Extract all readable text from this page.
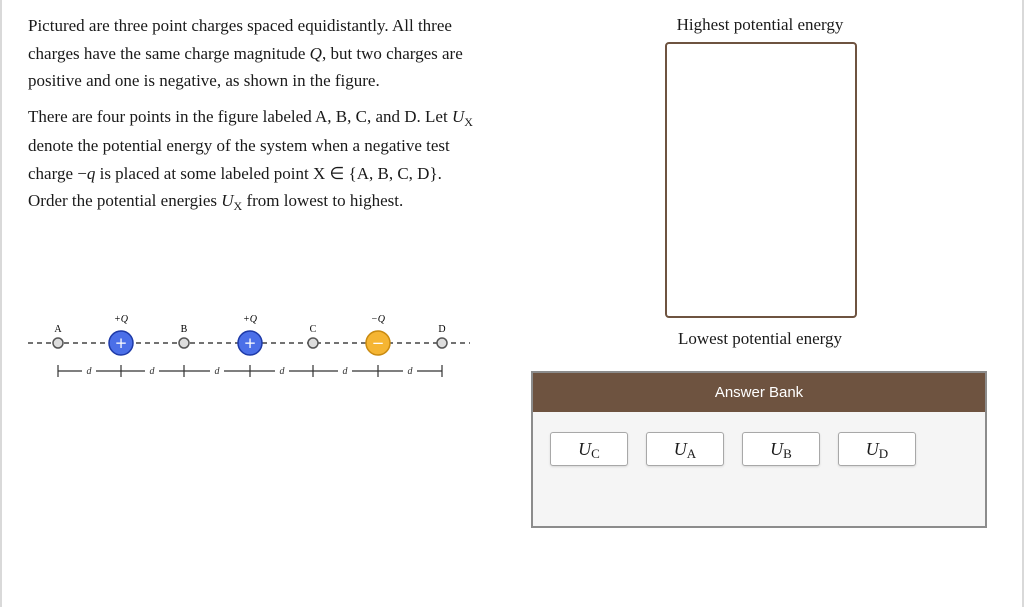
Pictured are three point charges spaced equidistantly. All three charges have the same charge magnitude Q, but two charges are positive and one is negative, as shown in the figure.

There are four points in the figure labeled A, B, C, and D. Let $U_X$ denote the potential energy of the system when a negative test charge −q is placed at some labeled point X ∈ {A, B, C, D}. Order the potential energies $U_X$ from lowest to highest.

A
+Q
+
B
+Q
+
C
−Q
−
D
d	d	d	d	d	d
Highest potential energy
Lowest potential energy
Answer Bank
UC	UA	UB	UD
